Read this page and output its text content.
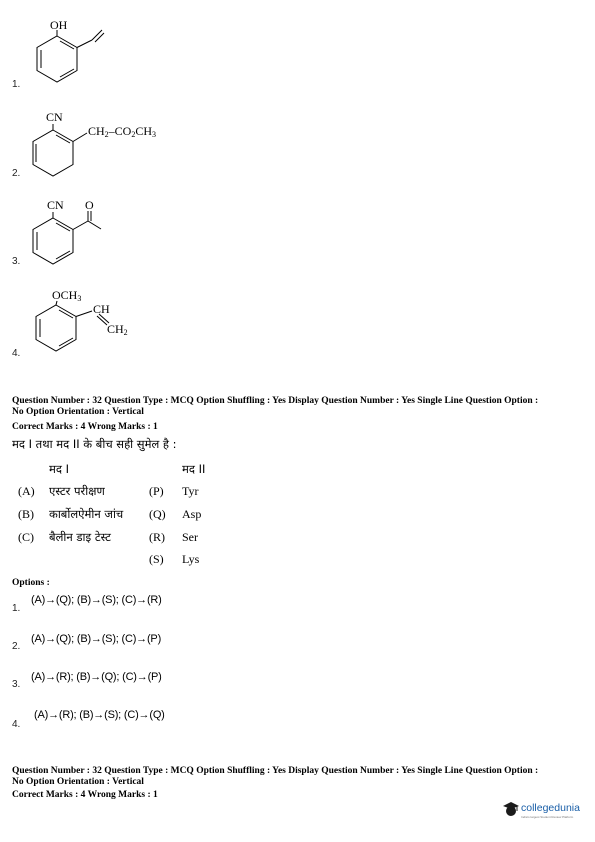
OH
1.
CN
$CH_2-CO_2CH_3$
2.
CN O
3.
$OCH_3$
CH
$CH_2$
4.
Question Number : 32 Question Type : MCQ Option Shuffling : Yes Display Question Number : Yes Single Line Question Option :
No Option Orientation : Vertical
Correct Marks : 4 Wrong Marks : 1
मद I तथा मद II के बीच सही सुमेल है :
मद I	मद II
(A) एस्टर परीक्षण	(P) Tyr
(B) कार्बोलऐमीन जांच (Q) Asp
(C) बैलीन डाइ टेस्ट	(R) Ser
(S) Lys
Options :
1.
(A)→(Q); (B)→(S); (C)→(R)
2.
(A)→(Q); (B)→(S); (C)→(P)
3.
(A)→(R); (B)→(Q); (C)→(P)
4.
(A)→(R); (B)→(S); (C)→(Q)
Question Number : 32 Question Type : MCQ Option Shuffling : Yes Display Question Number : Yes Single Line Question Option :
No Option Orientation : Vertical
Correct Marks : 4 Wrong Marks : 1
collegedunia
India's largest Student Review Platform
